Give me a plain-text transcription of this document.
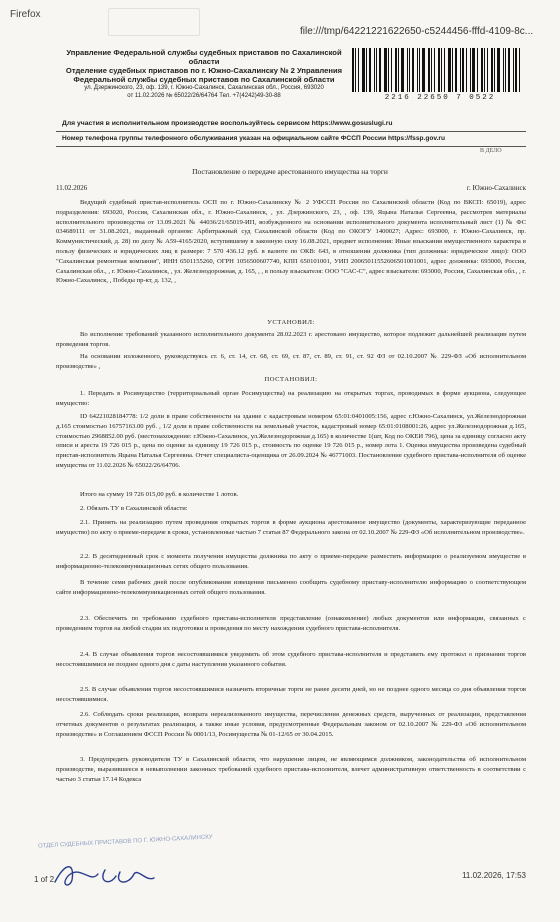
Firefox
file:///tmp/64221221622650-c5244456-fffd-4109-8c...
Управление Федеральной службы судебных приставов по Сахалинской
области
Отделение судебных приставов по г. Южно-Сахалинску № 2 Управления
Федеральной службы судебных приставов по Сахалинской области
ул. Дзержинского, 23, оф. 139, г. Южно-Сахалинск, Сахалинская обл., Россия, 693020
от 11.02.2026 № 65022/26/64764 Тел. +7(4242)49-30-88	2216 22650 7 0522
Для участия в исполнительном производстве воспользуйтесь сервисом https://www.gosuslugi.ru
Номер телефона группы телефонного обслуживания указан на официальном сайте ФССП России https://fssp.gov.ru
В ДЕЛО
Постановление о передаче арестованного имущества на торги
11.02.2026	г. Южно-Сахалинск
Ведущий судебный пристав-исполнитель ОСП по г. Южно-Сахалинску № 2 УФССП России по Сахалинской области (Код по ВКСП: 65019), адрес подразделения: 693020, Россия, Сахалинская обл., г. Южно-Сахалинск, , ул. Дзержинского, 23, , оф. 139, Яцына Наталья Сергеевна, рассмотрев материалы исполнительного производства от 13.09.2021 № 44036/21/65019-ИП, возбужденного на основании исполнительного документа исполнительный лист (1) № ФС 034689111 от 31.08.2021, выданный органом: Арбитражный суд Сахалинской области (Код по ОКОГУ 1400027; Адрес: 693000, г. Южно-Сахалинск, пр. Коммунистический, д. 28) по делу № А59-4165/2020, вступившему в законную силу 16.08.2021, предмет исполнения: Иные взыскания имущественного характера в пользу физических и юридических лиц в размере: 7 570 436.12 руб. в валюте по ОКВ: 643, в отношении должника (тип должника: юридическое лицо): ООО "Сахалинская ремонтная компания", ИНН 6501155260, ОГРН 1056500607740, КПП 650101001, УИП 20065011552606501001001, адрес должника: 693000, Россия, Сахалинская обл., , г. Южно-Сахалинск, , ул. Железнодорожная, д. 165, , , в пользу взыскателя: ООО "САС-С", адрес взыскателя: 693000, Россия, Сахалинская обл., , г. Южно-Сахалинск, , Победы пр-кт, д. 132, ,
УСТАНОВИЛ:
Во исполнение требований указанного исполнительного документа 28.02.2023 г. арестовано имущество, которое подлежит дальнейшей реализации путем проведения торгов.
На основании изложенного, руководствуясь ст. 6, ст. 14, ст. 68, ст. 69, ст. 87, ст. 89, ст. 91, ст. 92 ФЗ от 02.10.2007 № 229-ФЗ «Об исполнительном производстве» ,
ПОСТАНОВИЛ:
1. Передать в Росимущество (территориальный орган Росимущества) на реализацию на открытых торгах, проводимых в форме аукциона, следующее имущество:
ID 64221028184778: 1/2 доли в праве собственности на здание с кадастровым номером 65:01:0401005:156, адрес г.Южно-Сахалинск, ул.Железнодорожная д.165 стоимостью 16757163.00 руб. , 1/2 доли в праве собственности на земельный участок, кадастровый номер 65:01:0108001:26, адрес ул.Железнодорожная д.165, стоимостью 2968852.00 руб. (местонахождение: г.Южно-Сахалинск, ул.Железнодорожная д.165) в количестве 1(шт, Код по ОКЕИ 796), цена за единицу согласно акту описи и ареста 19 726 015 р., цена по оценке за единицу 19 726 015 р., стоимость по оценке 19 726 015 р., номер лота 1. Оценка имущества произведена судебный пристав-исполнитель Яцына Наталья Сергеевна. Отчет специалиста-оценщика от 26.09.2024 № 46771003. Постановление судебного пристава-исполнителя об оценке имущества от 11.02.2026 № 65022/26/64706.
Итого на сумму 19 726 015,00 руб. в количестве 1 лотов.
2. Обязать ТУ в Сахалинской области:
2.1. Принять на реализацию путем проведения открытых торгов в форме аукциона арестованное имущество (документы, характеризующие переданное имущество) по акту о приеме-передаче в сроки, установленные частью 7 статьи 87 Федерального закона от 02.10.2007 № 229-ФЗ «Об исполнительном производстве».
2.2. В десятидневный срок с момента получения имущества должника по акту о приеме-передаче разместить информацию о реализуемом имуществе в информационно-телекоммуникационных сетях общего пользования.
В течение семи рабочих дней после опубликования извещения письменно сообщить судебному приставу-исполнителю информацию о соответствующем сайте информационно-телекоммуникационных сетей общего пользования.
2.3. Обеспечить по требованию судебного пристава-исполнителя представление (ознакомление) любых документов или информации, связанных с проведением торгов на любой стадии их подготовки и проведения по месту нахождения судебного пристава-исполнителя.
2.4. В случае объявления торгов несостоявшимися уведомить об этом судебного пристава-исполнителя и представить ему протокол о признании торгов несостоявшимися не позднее одного дня с даты наступления указанного события.
2.5. В случае объявления торгов несостоявшимися назначить вторичные торги не ранее десяти дней, но не позднее одного месяца со дня объявления торгов несостоявшимися.
2.6. Соблюдать сроки реализации, возврата нереализованного имущества, перечисления денежных средств, вырученных от реализации, представления отчетных документов о результатах реализации, а также иные условия, предусмотренные Федеральным законом от 02.10.2007 № 229-ФЗ «Об исполнительном производстве» и Соглашением ФССП России № 0001/13, Росимущества № 01-12/65 от 30.04.2015.
3. Предупредить руководителя ТУ в Сахалинской области, что нарушение лицом, не являющимся должником, законодательства об исполнительном производстве, выразившееся в невыполнении законных требований судебного пристава-исполнителя, влечет административную ответственность в соответствии с частью 3 статьи 17.14 Кодекса
ОТДЕЛ СУДЕБНЫХ ПРИСТАВОВ ПО Г. ЮЖНО-САХАЛИНСКУ
1 of 2	11.02.2026, 17:53
